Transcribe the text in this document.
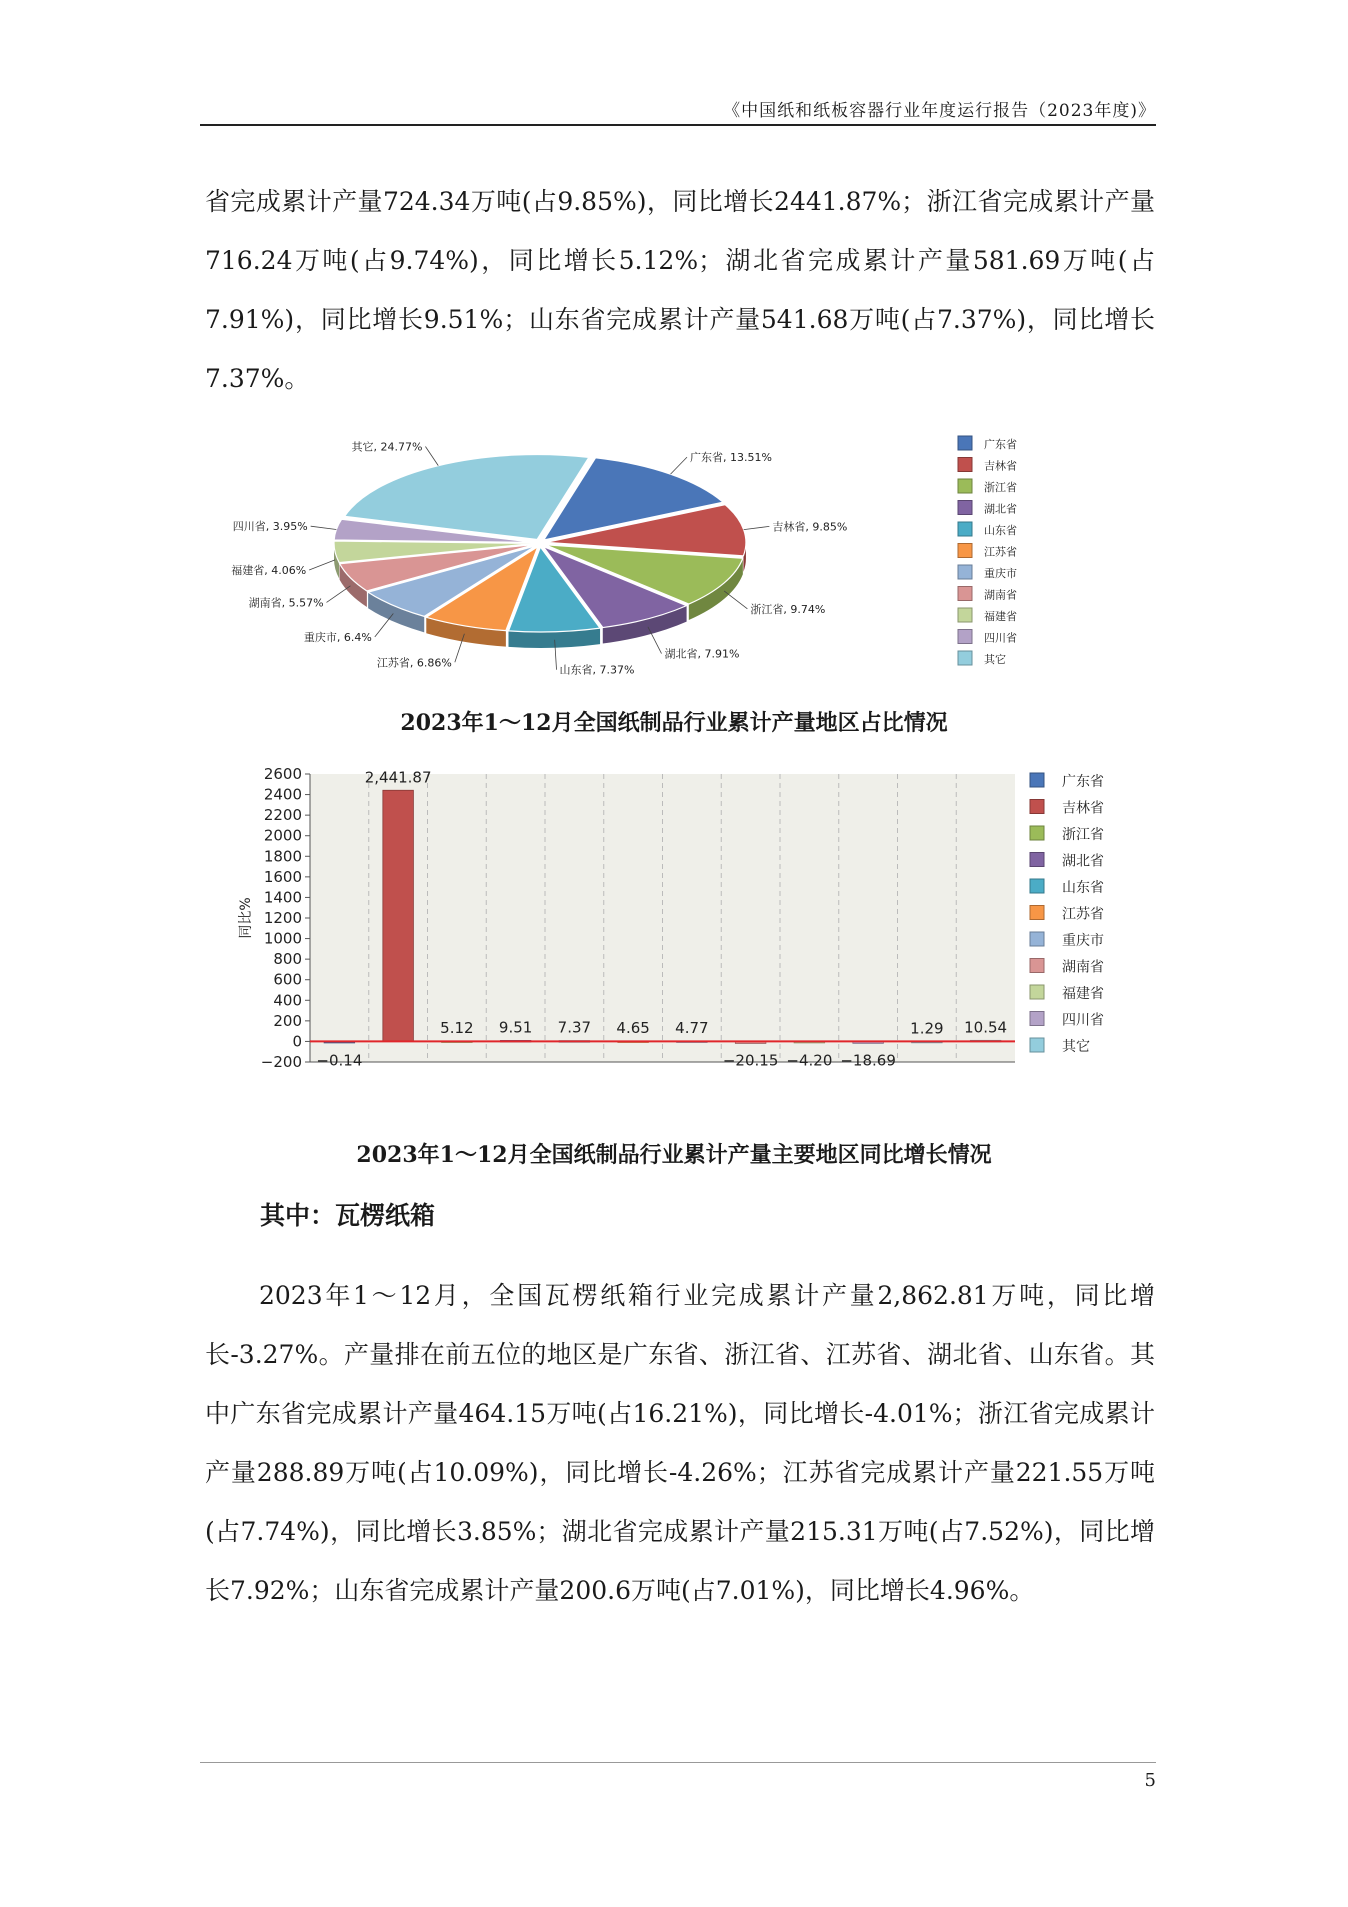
《中国纸和纸板容器行业年度运行报告（2023年度)》

省完成累计产量724.34万吨(占9.85%)，同比增长2441.87%；浙江省完成累计产量716.24万吨(占9.74%)，同比增长5.12%；湖北省完成累计产量581.69万吨(占7.91%)，同比增长9.51%；山东省完成累计产量541.68万吨(占7.37%)，同比增长7.37%。

广东省, 13.51%
吉林省, 9.85%
浙江省, 9.74%
湖北省, 7.91%
山东省, 7.37%
江苏省, 6.86%
重庆市, 6.4%
湖南省, 5.57%
福建省, 4.06%
四川省, 3.95%
其它, 24.77%	广东省
吉林省
浙江省
湖北省
山东省
江苏省
重庆市
湖南省
福建省
四川省
其它

2023年1～12月全国纸制品行业累计产量地区占比情况

2600
2400
2200
2000
1800
1600
1400
1200
1000
800
600
400
200
0
−200
同比%
−0.14
2,441.87
5.12 9.51 7.37 4.65 4.77
−20.15 −4.20 −18.69
1.29 10.54
广东省
吉林省
浙江省
湖北省
山东省
江苏省
重庆市
湖南省
福建省
四川省
其它

2023年1～12月全国纸制品行业累计产量主要地区同比增长情况

其中：瓦楞纸箱

2023年1～12月，全国瓦楞纸箱行业完成累计产量2,862.81万吨，同比增长-3.27%。产量排在前五位的地区是广东省、浙江省、江苏省、湖北省、山东省。其中广东省完成累计产量464.15万吨(占16.21%)，同比增长-4.01%；浙江省完成累计产量288.89万吨(占10.09%)，同比增长-4.26%；江苏省完成累计产量221.55万吨(占7.74%)，同比增长3.85%；湖北省完成累计产量215.31万吨(占7.52%)，同比增长7.92%；山东省完成累计产量200.6万吨(占7.01%)，同比增长4.96%。

5
